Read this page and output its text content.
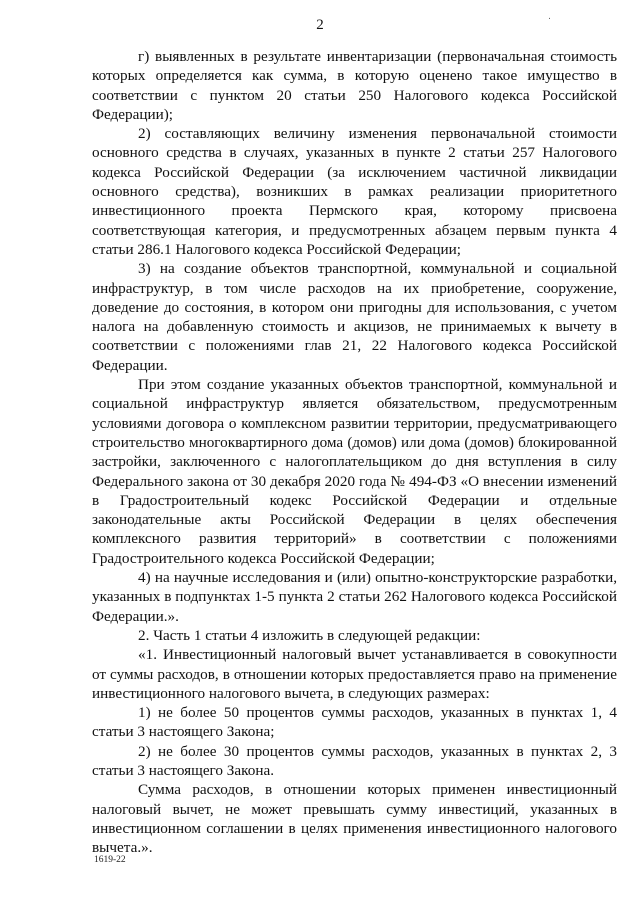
2	ᐧ

г) выявленных в результате инвентаризации (первоначальная стоимость которых определяется как сумма, в которую оценено такое имущество в соответствии с пунктом 20 статьи 250 Налогового кодекса Российской Федерации);

2) составляющих величину изменения первоначальной стоимости основного средства в случаях, указанных в пункте 2 статьи 257 Налогового кодекса Российской Федерации (за исключением частичной ликвидации основного средства), возникших в рамках реализации приоритетного инвестиционного проекта Пермского края, которому присвоена соответствующая категория, и предусмотренных абзацем первым пункта 4 статьи 286.1 Налогового кодекса Российской Федерации;

3) на создание объектов транспортной, коммунальной и социальной инфраструктур, в том числе расходов на их приобретение, сооружение, доведение до состояния, в котором они пригодны для использования, с учетом налога на добавленную стоимость и акцизов, не принимаемых к вычету в соответствии с положениями глав 21, 22 Налогового кодекса Российской Федерации.

При этом создание указанных объектов транспортной, коммунальной и социальной инфраструктур является обязательством, предусмотренным условиями договора о комплексном развитии территории, предусматривающего строительство многоквартирного дома (домов) или дома (домов) блокированной застройки, заключенного с налогоплательщиком до дня вступления в силу Федерального закона от 30 декабря 2020 года № 494-ФЗ «О внесении изменений в Градостроительный кодекс Российской Федерации и отдельные законодательные акты Российской Федерации в целях обеспечения комплексного развития территорий» в соответствии с положениями Градостроительного кодекса Российской Федерации;

4) на научные исследования и (или) опытно-конструкторские разработки, указанных в подпунктах 1-5 пункта 2 статьи 262 Налогового кодекса Российской Федерации.».

2. Часть 1 статьи 4 изложить в следующей редакции:

«1. Инвестиционный налоговый вычет устанавливается в совокупности от суммы расходов, в отношении которых предоставляется право на применение инвестиционного налогового вычета, в следующих размерах:

1) не более 50 процентов суммы расходов, указанных в пунктах 1, 4 статьи 3 настоящего Закона;

2) не более 30 процентов суммы расходов, указанных в пунктах 2, 3 статьи 3 настоящего Закона.

Сумма расходов, в отношении которых применен инвестиционный налоговый вычет, не может превышать сумму инвестиций, указанных в инвестиционном соглашении в целях применения инвестиционного налогового вычета.».

1619-22
